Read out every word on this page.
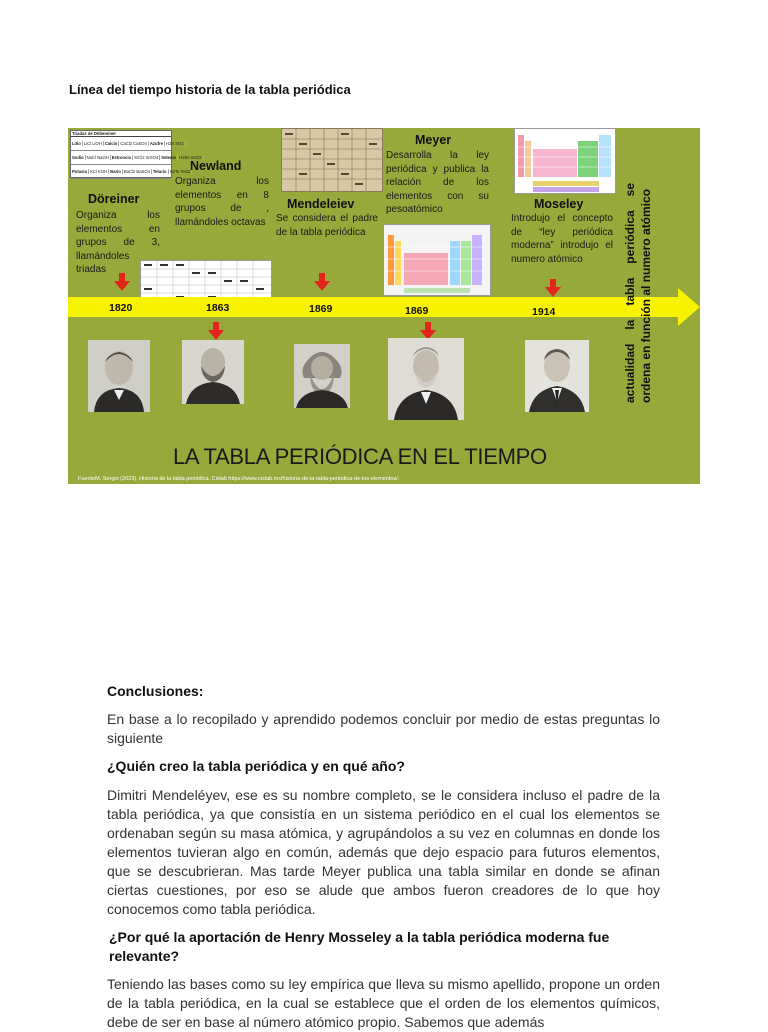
Línea del tiempo historia de la tabla periódica
Triadas de Döbereiner
Litio LiCl LiOH Calcio CaCl2 CaSO4 Azufre H2S SO2
Sodio NaCl NaOH Estroncio SrCl2 SrSO4 Selenio H2Se SeO2
Potasio KCl KOH Bario BaCl2 BaSO4 Telurio H2Te TeO2
Döreiner
Newland
Mendeleiev
Meyer
Moseley
Organiza los elementos en grupos de 3, llamándoles triadas
Organiza los elementos en 8 grupos de , llamándoles octavas	Se considera el padre de la tabla periódica
Desarrolla la ley periódica y publica la relación de los elementos con su pesoatómico
Introdujo el concepto de “ley periódica moderna” introdujo el numero atómico
1820	1863	1869	1869	1914
LA TABLA PERIÓDICA EN EL TIEMPO
FuenteM. Sergio (2023). Historia de la tabla periódica. Cislab https://www.cislab.mx/historia-de-la-tabla-periodica-de-los-elementos/.
actualidad la tabla periódica se ordena en función al numero atómico
Conclusiones:

En base a lo recopilado y aprendido podemos concluir por medio de estas preguntas lo siguiente

¿Quién creo la tabla periódica y en qué año?

Dimitri Mendeléyev, ese es su nombre completo, se le considera incluso el padre de la tabla periódica, ya que consistía en un sistema periódico en el cual los elementos se ordenaban según su masa atómica, y agrupándolos a su vez en columnas en donde los elementos tuvieran algo en común, además que dejo espacio para futuros elementos, que se descubrieran. Mas tarde Meyer publica una tabla similar en donde se afinan ciertas cuestiones, por eso se alude que ambos fueron creadores de lo que hoy conocemos como tabla periódica.

¿Por qué la aportación de Henry Mosseley a la tabla periódica moderna fue relevante?

Teniendo las bases como su ley empírica que lleva su mismo apellido, propone un orden de la tabla periódica, en la cual se establece que el orden de los elementos químicos, debe de ser en base al número atómico propio. Sabemos que además
